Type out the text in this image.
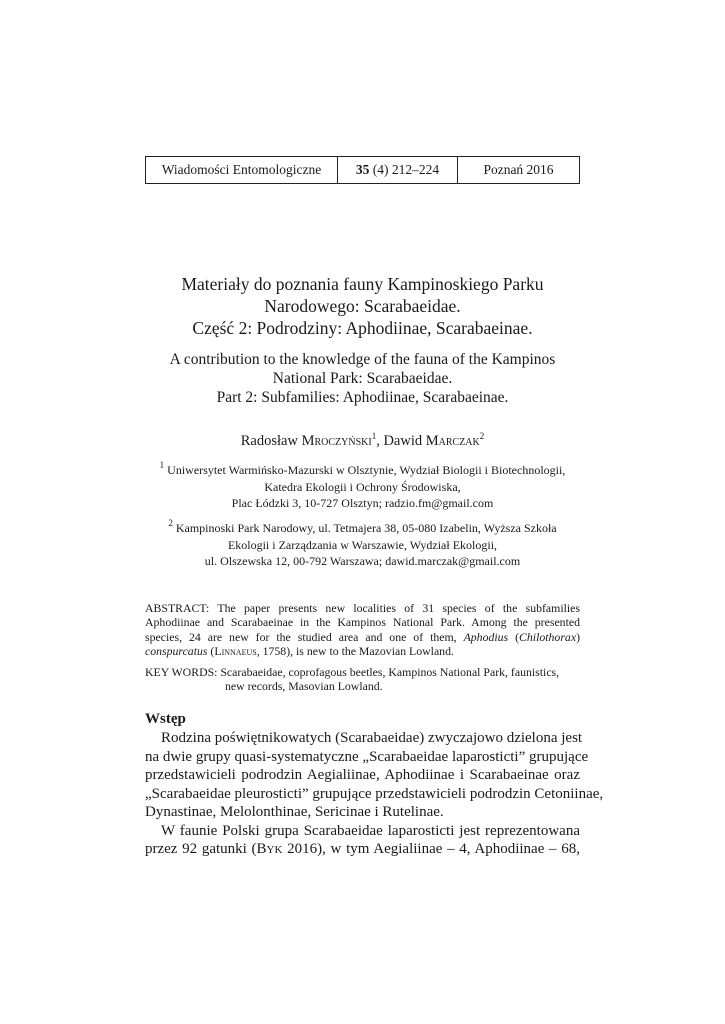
Wiadomości Entomologiczne	35 (4) 212–224	Poznań 2016
Materiały do poznania fauny Kampinoskiego Parku
Narodowego: Scarabaeidae.
Część 2: Podrodziny: Aphodiinae, Scarabaeinae.
A contribution to the knowledge of the fauna of the Kampinos
National Park: Scarabaeidae.
Part 2: Subfamilies: Aphodiinae, Scarabaeinae.
Radosław Mroczyński$^1$, Dawid Marczak$^2$
$^1$ Uniwersytet Warmińsko-Mazurski w Olsztynie, Wydział Biologii i Biotechnologii,
Katedra Ekologii i Ochrony Środowiska,
Plac Łódzki 3, 10-727 Olsztyn; radzio.fm@gmail.com
$^2$ Kampinoski Park Narodowy, ul. Tetmajera 38, 05-080 Izabelin, Wyższa Szkoła
Ekologii i Zarządzania w Warszawie, Wydział Ekologii,
ul. Olszewska 12, 00-792 Warszawa; dawid.marczak@gmail.com
ABSTRACT: The paper presents new localities of 31 species of the subfamilies
Aphodiinae and Scarabaeinae in the Kampinos National Park. Among the presented
species, 24 are new for the studied area and one of them, Aphodius (Chilothorax)
conspurcatus (Linnaeus, 1758), is new to the Mazovian Lowland.
KEY WORDS: Scarabaeidae, coprofagous beetles, Kampinos National Park, faunistics,
new records, Masovian Lowland.
Wstęp
Rodzina poświętnikowatych (Scarabaeidae) zwyczajowo dzielona jest
na dwie grupy quasi-systematyczne „Scarabaeidae laparosticti” grupujące
przedstawicieli podrodzin Aegialiinae, Aphodiinae i Scarabaeinae oraz
„Scarabaeidae pleurosticti” grupujące przedstawicieli podrodzin Cetoniinae,
Dynastinae, Melolonthinae, Sericinae i Rutelinae.
W faunie Polski grupa Scarabaeidae laparosticti jest reprezentowana
przez 92 gatunki (Byk 2016), w tym Aegialiinae – 4, Aphodiinae – 68,
